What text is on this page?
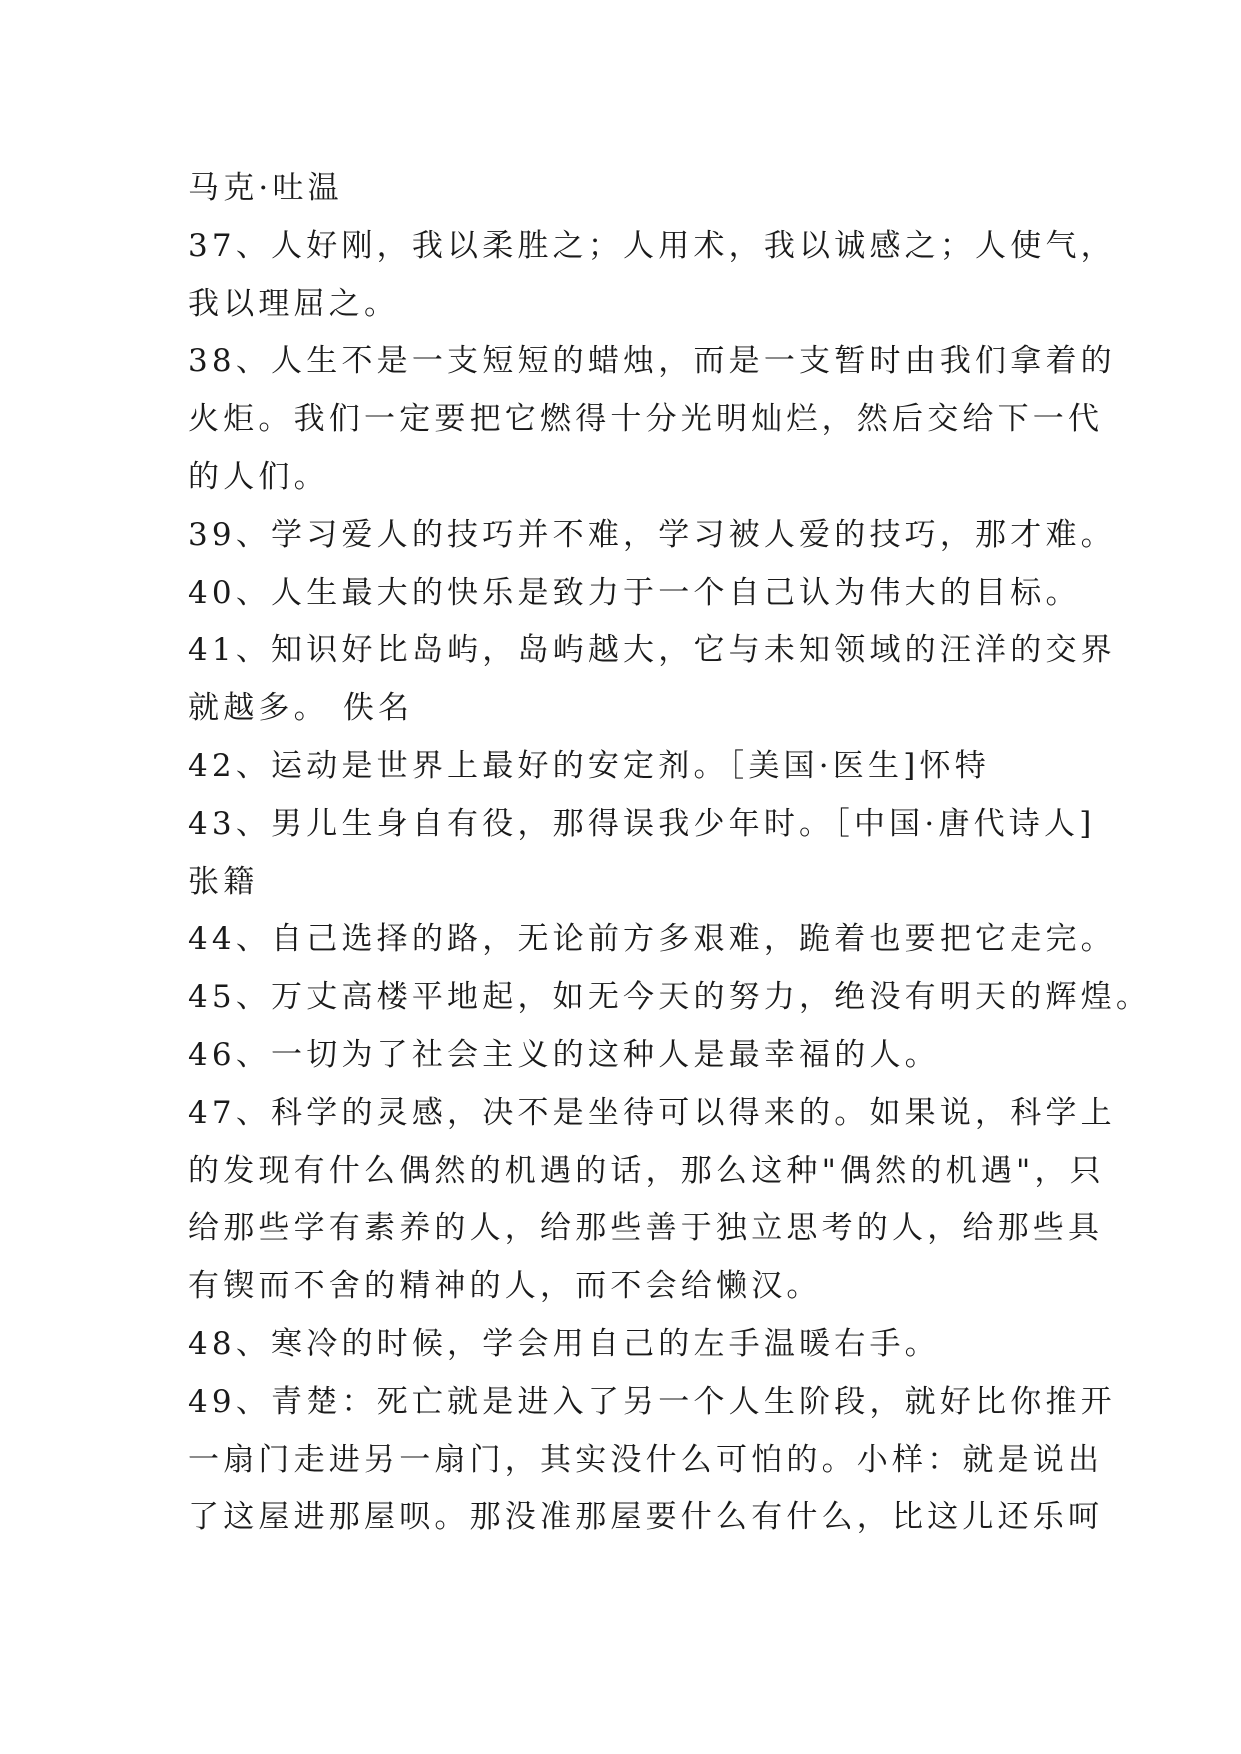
马克·吐温
37、人好刚，我以柔胜之；人用术，我以诚感之；人使气，
我以理屈之。
38、人生不是一支短短的蜡烛，而是一支暂时由我们拿着的
火炬。我们一定要把它燃得十分光明灿烂，然后交给下一代
的人们。
39、学习爱人的技巧并不难，学习被人爱的技巧，那才难。
40、人生最大的快乐是致力于一个自己认为伟大的目标。
41、知识好比岛屿，岛屿越大，它与未知领域的汪洋的交界
就越多。 佚名
42、运动是世界上最好的安定剂。［美国·医生]怀特
43、男儿生身自有役，那得误我少年时。［中国·唐代诗人]
张籍
44、自己选择的路，无论前方多艰难，跪着也要把它走完。
45、万丈高楼平地起，如无今天的努力，绝没有明天的辉煌。
46、一切为了社会主义的这种人是最幸福的人。
47、科学的灵感，决不是坐待可以得来的。如果说，科学上
的发现有什么偶然的机遇的话，那么这种"偶然的机遇"，只
给那些学有素养的人，给那些善于独立思考的人，给那些具
有锲而不舍的精神的人，而不会给懒汉。
48、寒冷的时候，学会用自己的左手温暖右手。
49、青楚：死亡就是进入了另一个人生阶段，就好比你推开
一扇门走进另一扇门，其实没什么可怕的。小样：就是说出
了这屋进那屋呗。那没准那屋要什么有什么，比这儿还乐呵
